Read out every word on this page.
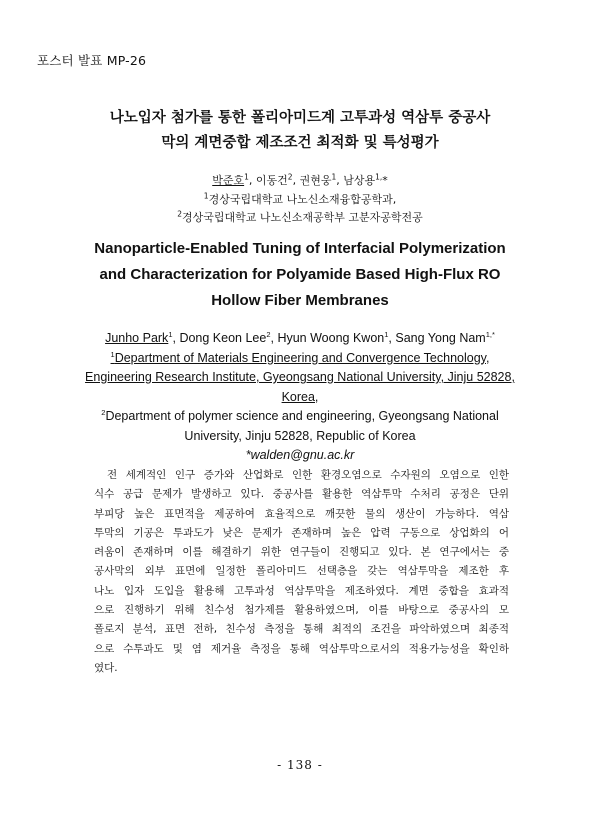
포스터 발표 MP-26
나노입자 첨가를 통한 폴리아미드계 고투과성 역삼투 중공사
막의 계면중합 제조조건 최적화 및 특성평가
박준호$^1$, 이동건$^2$, 권현웅$^1$, 남상용$^{1,}$*
$^1$경상국립대학교 나노신소재융합공학과,
$^2$경상국립대학교 나노신소재공학부 고분자공학전공
Nanoparticle-Enabled Tuning of Interfacial Polymerization
and Characterization for Polyamide Based High-Flux RO
Hollow Fiber Membranes
Junho Park$^1$, Dong Keon Lee$^2$, Hyun Woong Kwon$^1$, Sang Yong Nam$^{1,*}$
$^1$Department of Materials Engineering and Convergence Technology,
Engineering Research Institute, Gyeongsang National University, Jinju 52828,
Korea,
$^2$Department of polymer science and engineering, Gyeongsang National
University, Jinju 52828, Republic of Korea
*walden@gnu.ac.kr
전 세계적인 인구 증가와 산업화로 인한 환경오염으로 수자원의 오염으로 인한
식수 공급 문제가 발생하고 있다. 중공사를 활용한 역삼투막 수처리 공정은 단위
부피당 높은 표면적을 제공하여 효율적으로 깨끗한 물의 생산이 가능하다. 역삼
투막의 기공은 투과도가 낮은 문제가 존재하며 높은 압력 구동으로 상업화의 어
려움이 존재하며 이를 해결하기 위한 연구들이 진행되고 있다. 본 연구에서는 중
공사막의 외부 표면에 일정한 폴리아미드 선택층을 갖는 역삼투막을 제조한 후
나노 입자 도입을 활용해 고투과성 역삼투막을 제조하였다. 계면 중합을 효과적
으로 진행하기 위해 친수성 첨가제를 활용하였으며, 이를 바탕으로 중공사의 모
폴로지 분석, 표면 전하, 친수성 측정을 통해 최적의 조건을 파악하였으며 최종적
으로 수투과도 및 염 제거율 측정을 통해 역삼투막으로서의 적용가능성을 확인하
였다.
- 138 -
